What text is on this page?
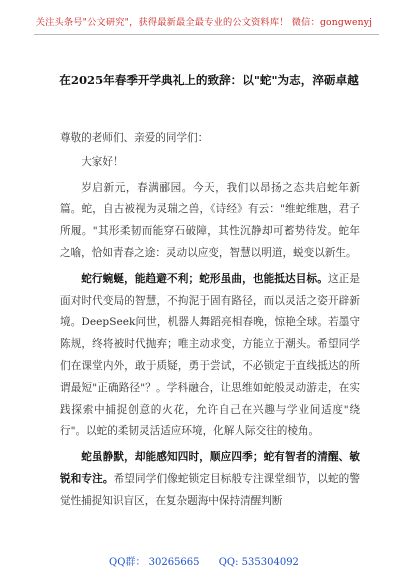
关注头条号"公文研究"，获得最新最全最专业的公文资料库！ 微信：gongwenyj
在2025年春季开学典礼上的致辞：以"蛇"为志，淬砺卓越

尊敬的老师们、亲爱的同学们：

大家好！

岁启新元，春满郦园。今天，我们以昂扬之态共启蛇年新篇。蛇，自古被视为灵瑞之兽，《诗经》有云："维蛇维虺，君子所履。"其形柔韧而能穿石破障，其性沉静却可蓄势待发。蛇年之喻，恰如青春之途：灵动以应变，智慧以明道，蜕变以新生。

蛇行蜿蜒，能趋避不利；蛇形虽曲，也能抵达目标。这正是面对时代变局的智慧，不拘泥于固有路径，而以灵活之姿开辟新境。DeepSeek问世，机器人舞蹈亮相春晚，惊艳全球。若墨守陈规，终将被时代抛弃；唯主动求变，方能立于潮头。希望同学们在课堂内外，敢于质疑，勇于尝试，不必锁定于直线抵达的所谓最短"正确路径"？。学科融合，让思维如蛇般灵动游走，在实践探索中捕捉创意的火花，允许自己在兴趣与学业间适度"绕行"。以蛇的柔韧灵活适应环境，化解人际交往的棱角。

蛇虽静默，却能感知四时，顺应四季；蛇有智者的清醒、敏锐和专注。希望同学们像蛇锁定目标般专注课堂细节，以蛇的警觉性捕捉知识盲区，在复杂题海中保持清醒判断

QQ群： 30265665 QQ: 535304092
